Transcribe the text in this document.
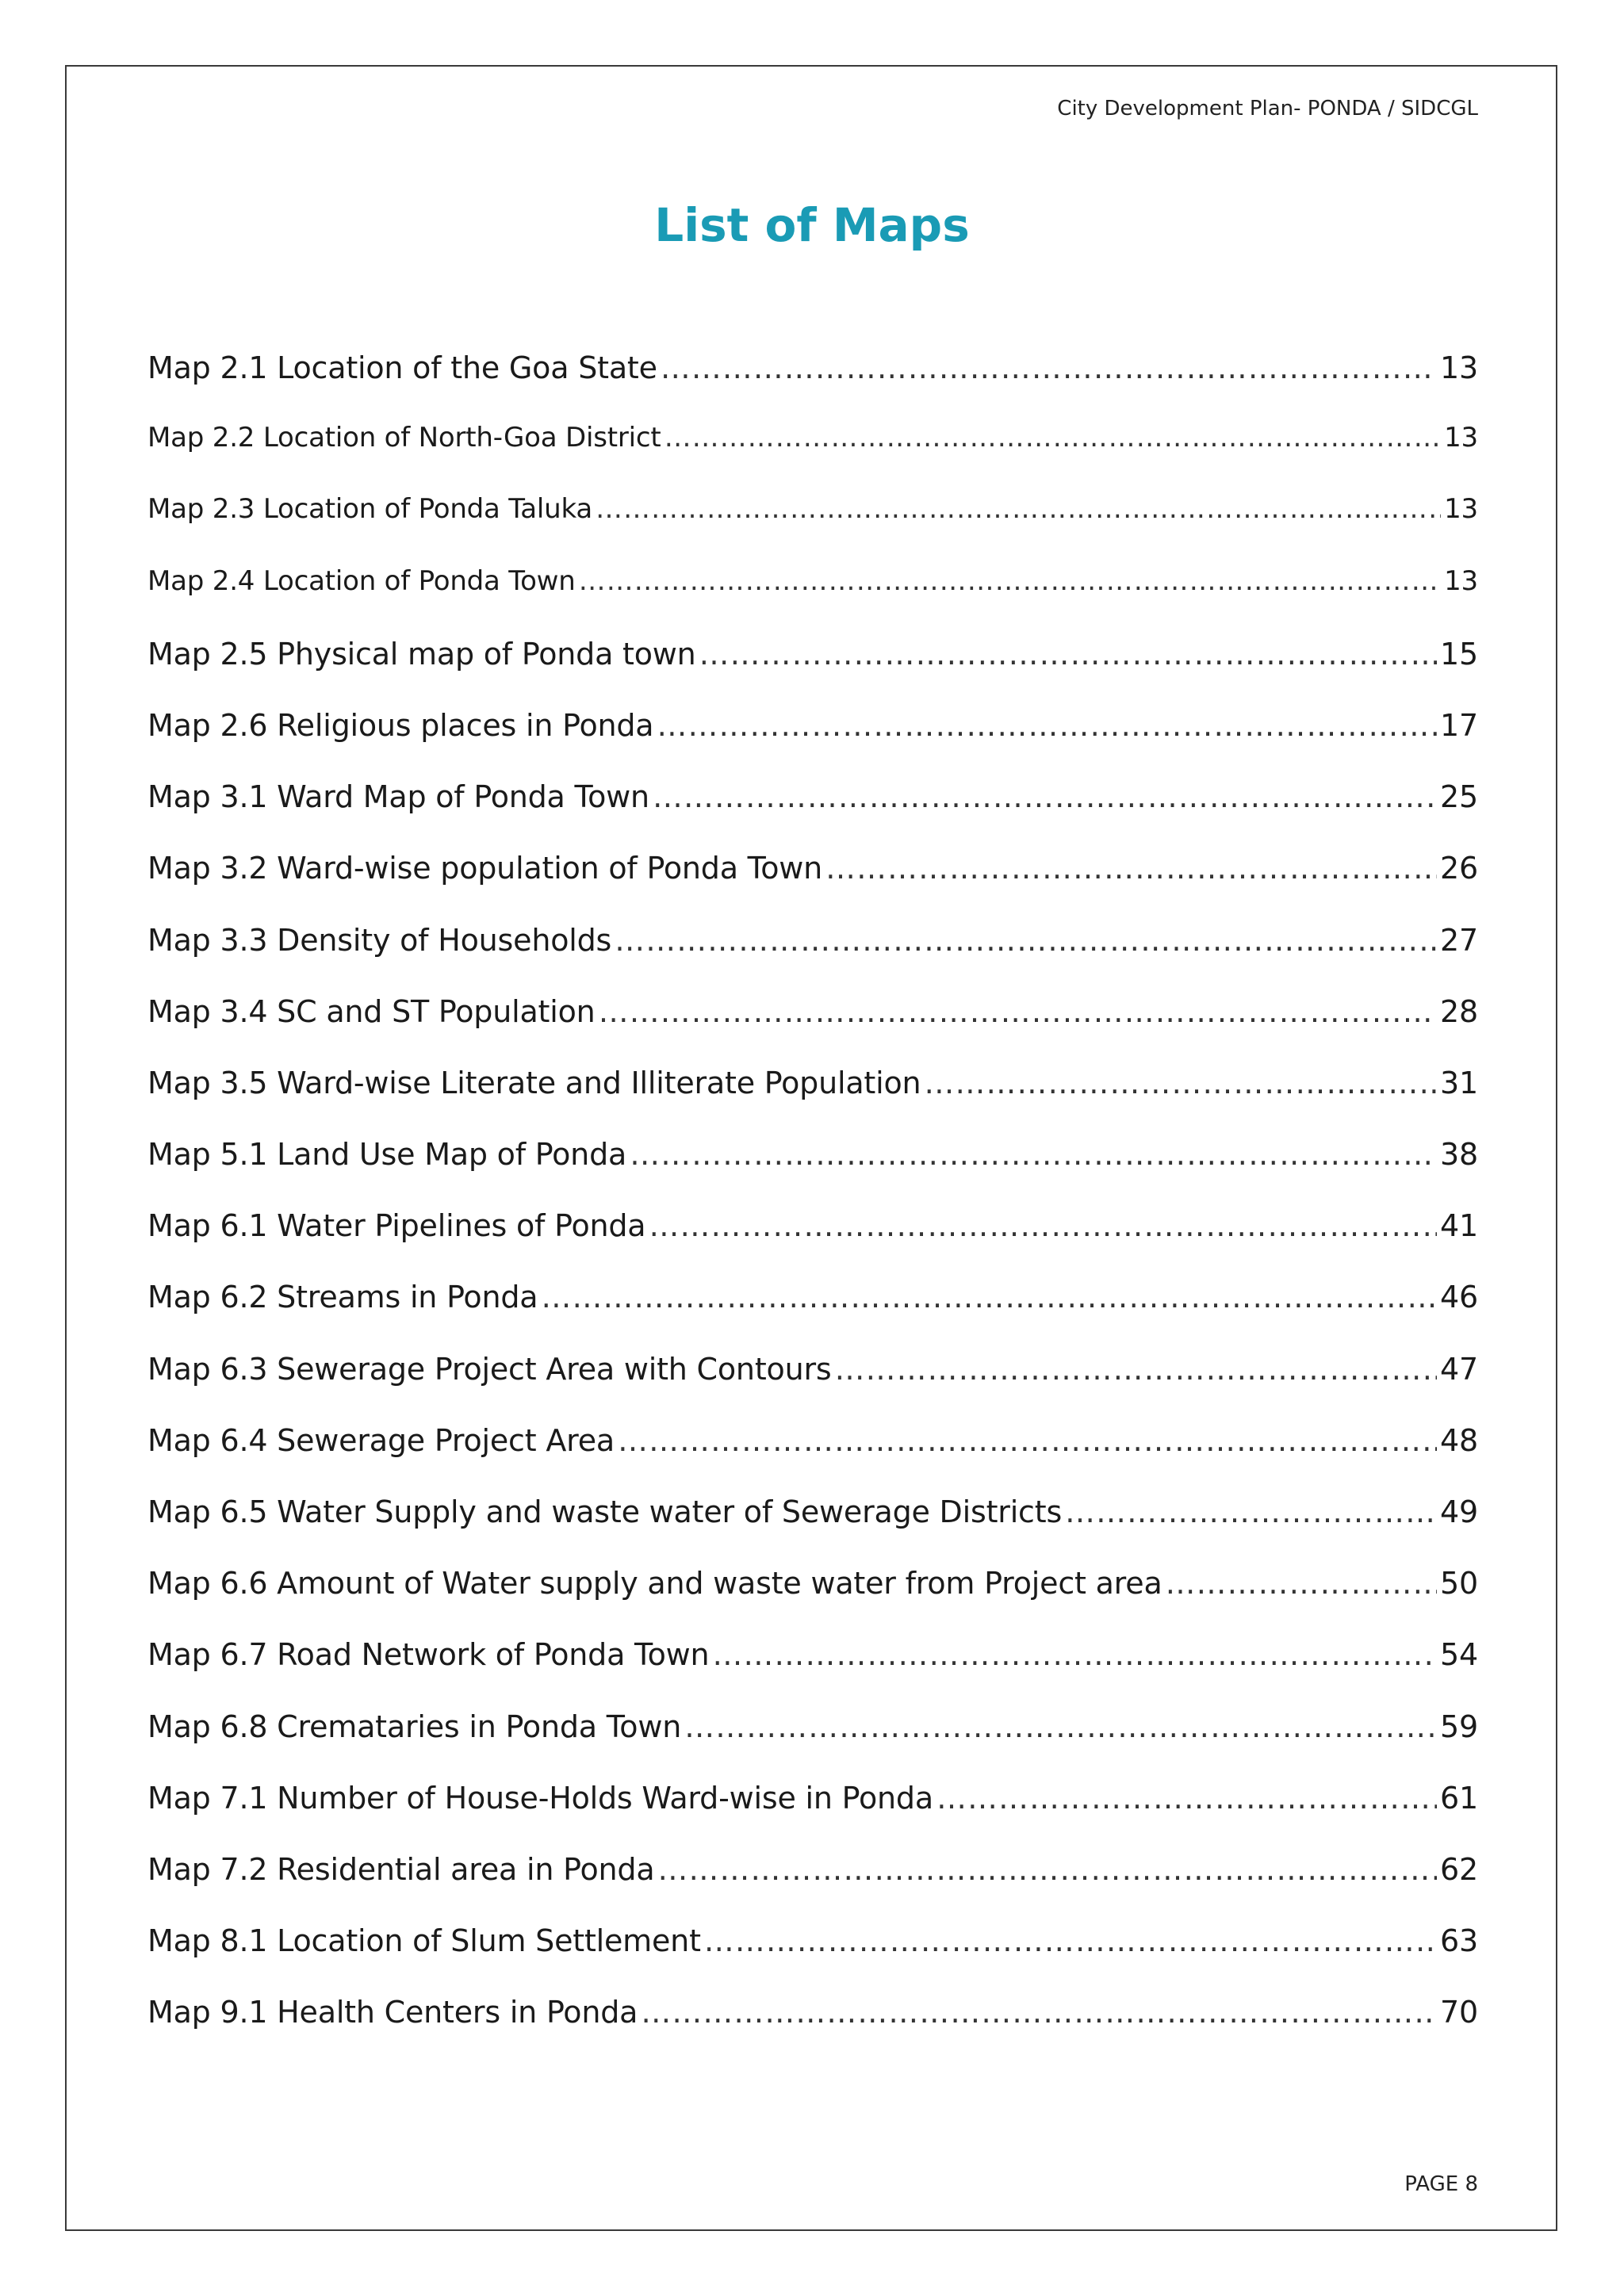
City Development Plan- PONDA / SIDCGL
List of Maps
Map 2.1 Location of the Goa State …………………………………………………………………………………………………………………………………………………………………………………………………………	13
Map 2.2 Location of North-Goa District …………………………………………………………………………………………………………………………………………………………………………………………………………	13
Map 2.3 Location of Ponda Taluka …………………………………………………………………………………………………………………………………………………………………………………………………………	13
Map 2.4 Location of Ponda Town …………………………………………………………………………………………………………………………………………………………………………………………………………	13
Map 2.5 Physical map of Ponda town …………………………………………………………………………………………………………………………………………………………………………………………………………	15
Map 2.6 Religious places in Ponda …………………………………………………………………………………………………………………………………………………………………………………………………………	17
Map 3.1 Ward Map of Ponda Town …………………………………………………………………………………………………………………………………………………………………………………………………………	25
Map 3.2 Ward-wise population of Ponda Town …………………………………………………………………………………………………………………………………………………………………………………………………………	26
Map 3.3 Density of Households …………………………………………………………………………………………………………………………………………………………………………………………………………	27
Map 3.4 SC and ST Population …………………………………………………………………………………………………………………………………………………………………………………………………………	28
Map 3.5 Ward-wise Literate and Illiterate Population …………………………………………………………………………………………………………………………………………………………………………………………………………	31
Map 5.1 Land Use Map of Ponda …………………………………………………………………………………………………………………………………………………………………………………………………………	38
Map 6.1 Water Pipelines of Ponda …………………………………………………………………………………………………………………………………………………………………………………………………………	41
Map 6.2 Streams in Ponda …………………………………………………………………………………………………………………………………………………………………………………………………………	46
Map 6.3 Sewerage Project Area with Contours …………………………………………………………………………………………………………………………………………………………………………………………………………	47
Map 6.4 Sewerage Project Area …………………………………………………………………………………………………………………………………………………………………………………………………………	48
Map 6.5 Water Supply and waste water of Sewerage Districts …………………………………………………………………………………………………………………………………………………………………………………………………………	49
Map 6.6 Amount of Water supply and waste water from Project area …………………………………………………………………………………………………………………………………………………………………………………………………………	50
Map 6.7 Road Network of Ponda Town …………………………………………………………………………………………………………………………………………………………………………………………………………	54
Map 6.8 Cremataries in Ponda Town …………………………………………………………………………………………………………………………………………………………………………………………………………	59
Map 7.1 Number of House-Holds Ward-wise in Ponda …………………………………………………………………………………………………………………………………………………………………………………………………………	61
Map 7.2 Residential area in Ponda …………………………………………………………………………………………………………………………………………………………………………………………………………	62
Map 8.1 Location of Slum Settlement …………………………………………………………………………………………………………………………………………………………………………………………………………	63
Map 9.1 Health Centers in Ponda …………………………………………………………………………………………………………………………………………………………………………………………………………	70
PAGE 8
